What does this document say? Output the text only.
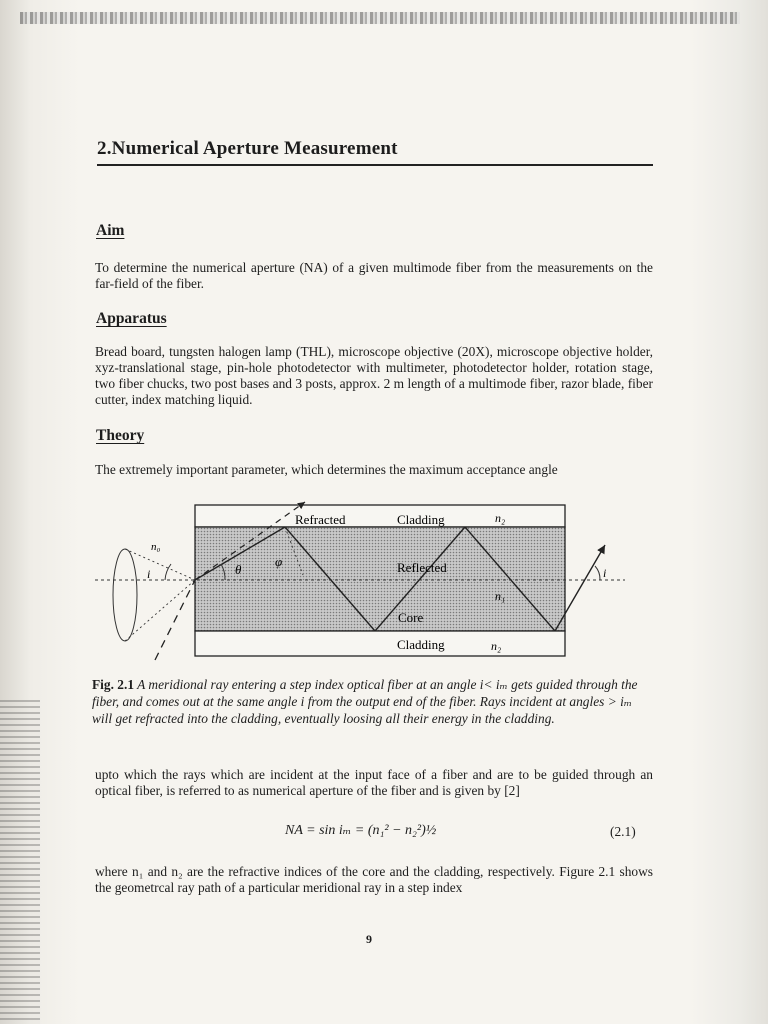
2.Numerical Aperture Measurement
Aim
To determine the numerical aperture (NA) of a given multimode fiber from the measurements on the far-field of the fiber.
Apparatus
Bread board, tungsten halogen lamp (THL), microscope objective (20X), microscope objective holder, xyz-translational stage, pin-hole photodetector with multimeter, photodetector holder, rotation stage, two fiber chucks, two post bases and 3 posts, approx. 2 m length of a multimode fiber, razor blade, fiber cutter, index matching liquid.
Theory
The extremely important parameter, which determines the maximum acceptance angle
Refracted	Cladding	n₂
Reflected
n₁
Core
Cladding	n₂
n₀
i	i
θ
φ
Fig. 2.1 A meridional ray entering a step index optical fiber at an angle i< iₘ gets guided through the fiber, and comes out at the same angle i from the output end of the fiber. Rays incident at angles > iₘ will get refracted into the cladding, eventually loosing all their energy in the cladding.
upto which the rays which are incident at the input face of a fiber and are to be guided through an optical fiber, is referred to as numerical aperture of the fiber and is given by [2]
NA = sin iₘ = (n₁² − n₂²)½	(2.1)
where n₁ and n₂ are the refractive indices of the core and the cladding, respectively. Figure 2.1 shows the geometrcal ray path of a particular meridional ray in a step index
9
